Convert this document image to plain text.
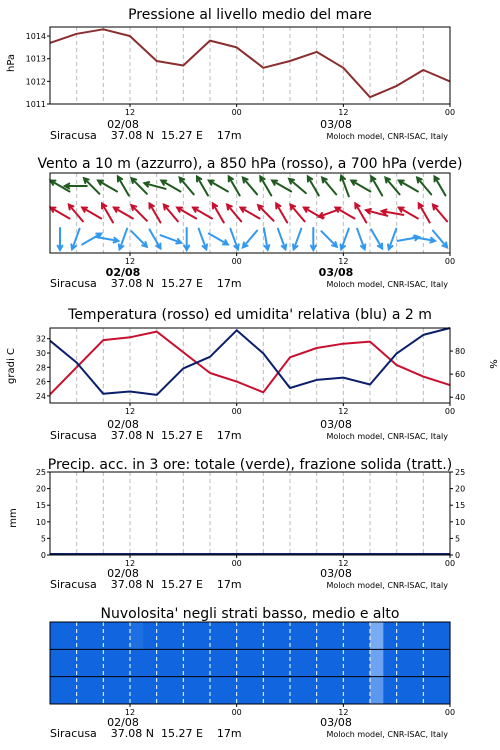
Pressione al livello medio del mare
hPa
1011
1012
1013
1014
12	00	12	00
02/08	03/08
Siracusa    37.08 N  15.27 E    17m	Moloch model, CNR-ISAC, Italy
Vento a 10 m (azzurro), a 850 hPa (rosso), a 700 hPa (verde)
12	00	12	00
02/08	03/08
Siracusa    37.08 N  15.27 E    17m	Moloch model, CNR-ISAC, Italy
Temperatura (rosso) ed umidita' relativa (blu) a 2 m
gradi C	%
24
26
28
30
32
40
60
80
12	00	12	00
02/08	03/08
Siracusa    37.08 N  15.27 E    17m	Moloch model, CNR-ISAC, Italy
Precip. acc. in 3 ore: totale (verde), frazione solida (tratt.)
mm
0
5
10
15
20
25
0
5
10
15
20
25
12	00	12	00
02/08	03/08
Siracusa    37.08 N  15.27 E    17m	Moloch model, CNR-ISAC, Italy
Nuvolosita' negli strati basso, medio e alto
12	00	12	00
02/08	03/08
Siracusa    37.08 N  15.27 E    17m	Moloch model, CNR-ISAC, Italy
